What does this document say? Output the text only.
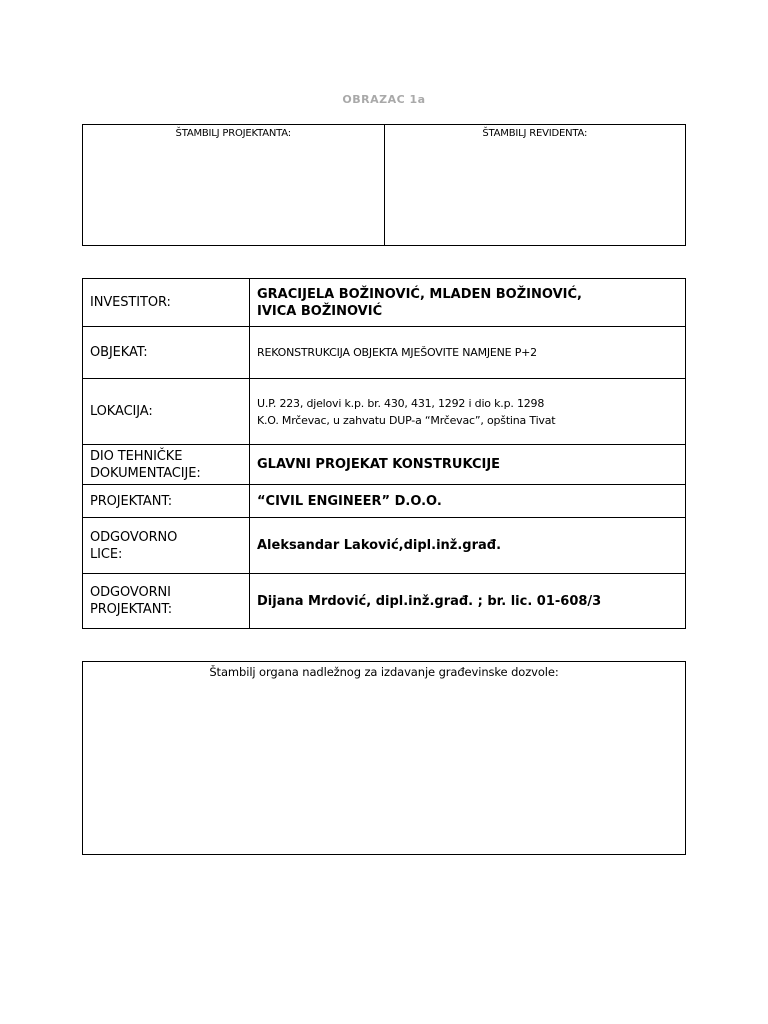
OBRAZAC 1a
ŠTAMBILJ PROJEKTANTA:	ŠTAMBILJ REVIDENTA:
INVESTITOR:	GRACIJELA BOŽINOVIĆ, MLADEN BOŽINOVIĆ,
IVICA BOŽINOVIĆ

OBJEKAT:	REKONSTRUKCIJA OBJEKTA MJEŠOVITE NAMJENE P+2
LOKACIJA:	U.P. 223, djelovi k.p. br. 430, 431, 1292 i dio k.p. 1298
K.O. Mrčevac, u zahvatu DUP-a “Mrčevac”, opština Tivat

DIO TEHNIČKE
DOKUMENTACIJE:	GLAVNI PROJEKAT KONSTRUKCIJE
PROJEKTANT:	“CIVIL ENGINEER” D.O.O.

ODGOVORNO
LICE:	Aleksandar Laković,dipl.inž.građ.

ODGOVORNI
PROJEKTANT:	Dijana Mrdović, dipl.inž.građ. ; br. lic. 01-608/3
Štambilj organa nadležnog za izdavanje građevinske dozvole:
